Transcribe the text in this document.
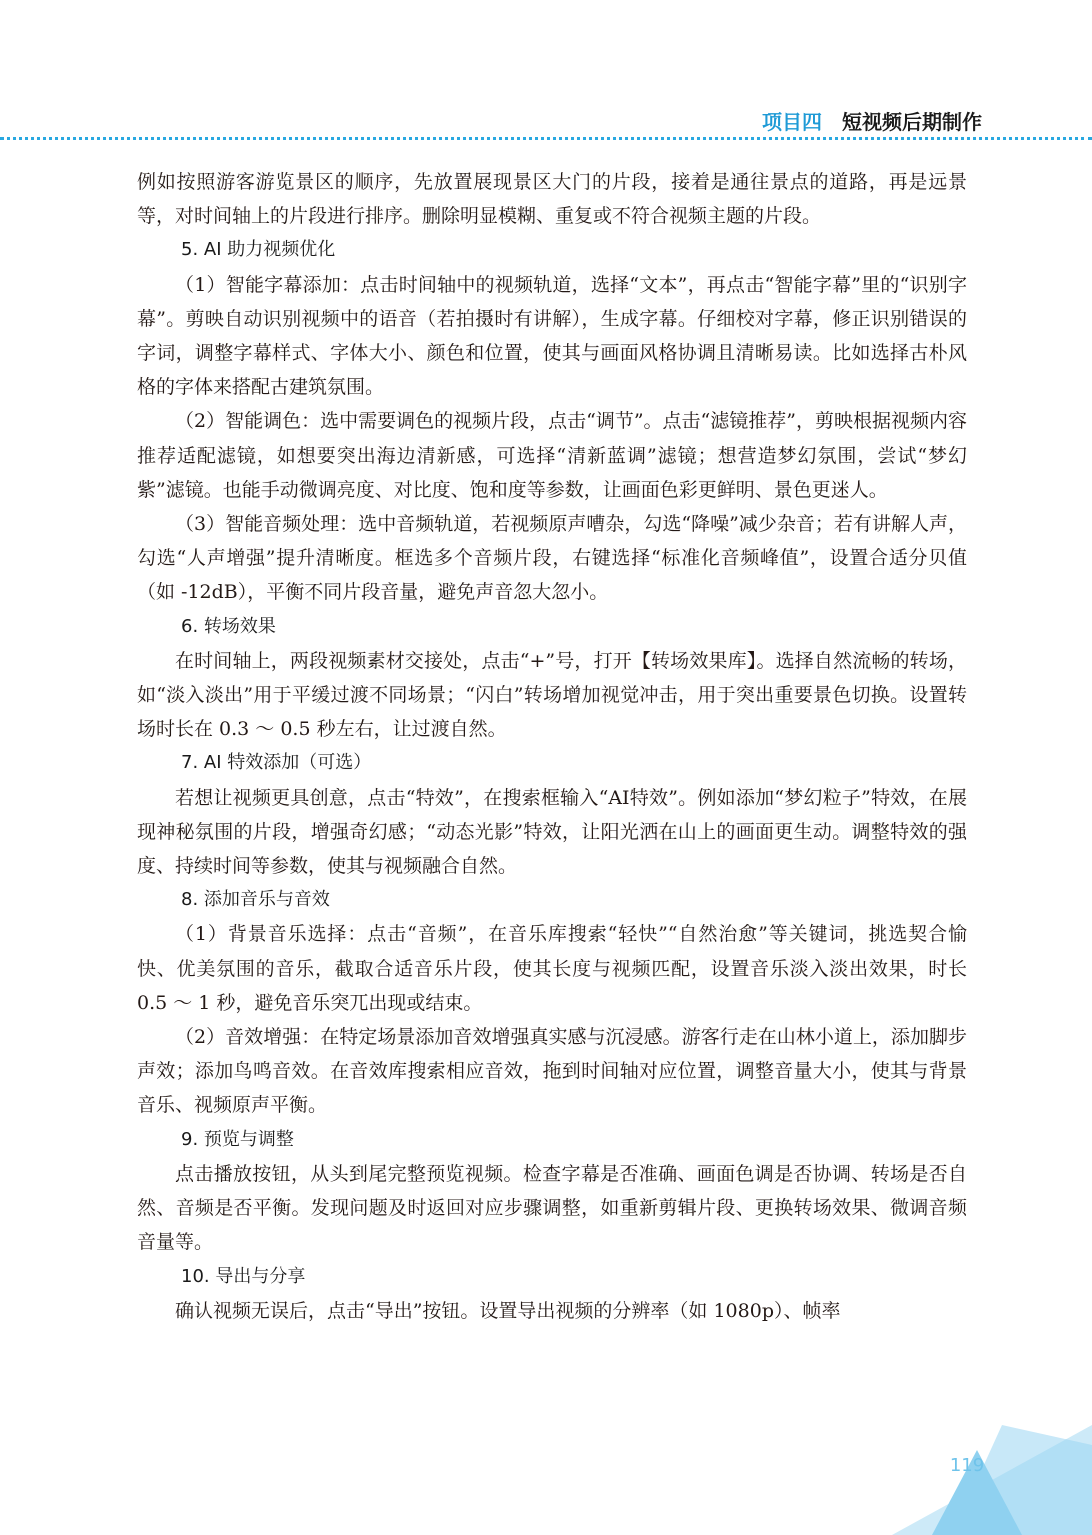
项目四 短视频后期制作

例如按照游客游览景区的顺序，先放置展现景区大门的片段，接着是通往景点的道路，再是远景等，对时间轴上的片段进行排序。删除明显模糊、重复或不符合视频主题的片段。

5. AI 助力视频优化

（1）智能字幕添加：点击时间轴中的视频轨道，选择“文本”，再点击“智能字幕”里的“识别字幕”。剪映自动识别视频中的语音（若拍摄时有讲解），生成字幕。仔细校对字幕，修正识别错误的字词，调整字幕样式、字体大小、颜色和位置，使其与画面风格协调且清晰易读。比如选择古朴风格的字体来搭配古建筑氛围。

（2）智能调色：选中需要调色的视频片段，点击“调节”。点击“滤镜推荐”，剪映根据视频内容推荐适配滤镜，如想要突出海边清新感，可选择“清新蓝调”滤镜；想营造梦幻氛围，尝试“梦幻紫”滤镜。也能手动微调亮度、对比度、饱和度等参数，让画面色彩更鲜明、景色更迷人。

（3）智能音频处理：选中音频轨道，若视频原声嘈杂，勾选“降噪”减少杂音；若有讲解人声，勾选“人声增强”提升清晰度。框选多个音频片段，右键选择“标准化音频峰值”，设置合适分贝值（如 -12dB），平衡不同片段音量，避免声音忽大忽小。

6. 转场效果

在时间轴上，两段视频素材交接处，点击“+”号，打开【转场效果库】。选择自然流畅的转场，如“淡入淡出”用于平缓过渡不同场景；“闪白”转场增加视觉冲击，用于突出重要景色切换。设置转场时长在 0.3 ～ 0.5 秒左右，让过渡自然。

7. AI 特效添加（可选）

若想让视频更具创意，点击“特效”，在搜索框输入“AI特效”。例如添加“梦幻粒子”特效，在展现神秘氛围的片段，增强奇幻感；“动态光影”特效，让阳光洒在山上的画面更生动。调整特效的强度、持续时间等参数，使其与视频融合自然。

8. 添加音乐与音效

（1）背景音乐选择：点击“音频”，在音乐库搜索“轻快”“自然治愈”等关键词，挑选契合愉快、优美氛围的音乐，截取合适音乐片段，使其长度与视频匹配，设置音乐淡入淡出效果，时长 0.5 ～ 1 秒，避免音乐突兀出现或结束。

（2）音效增强：在特定场景添加音效增强真实感与沉浸感。游客行走在山林小道上，添加脚步声效；添加鸟鸣音效。在音效库搜索相应音效，拖到时间轴对应位置，调整音量大小，使其与背景音乐、视频原声平衡。

9. 预览与调整

点击播放按钮，从头到尾完整预览视频。检查字幕是否准确、画面色调是否协调、转场是否自然、音频是否平衡。发现问题及时返回对应步骤调整，如重新剪辑片段、更换转场效果、微调音频音量等。

10. 导出与分享

确认视频无误后，点击“导出”按钮。设置导出视频的分辨率（如 1080p）、帧率

119
